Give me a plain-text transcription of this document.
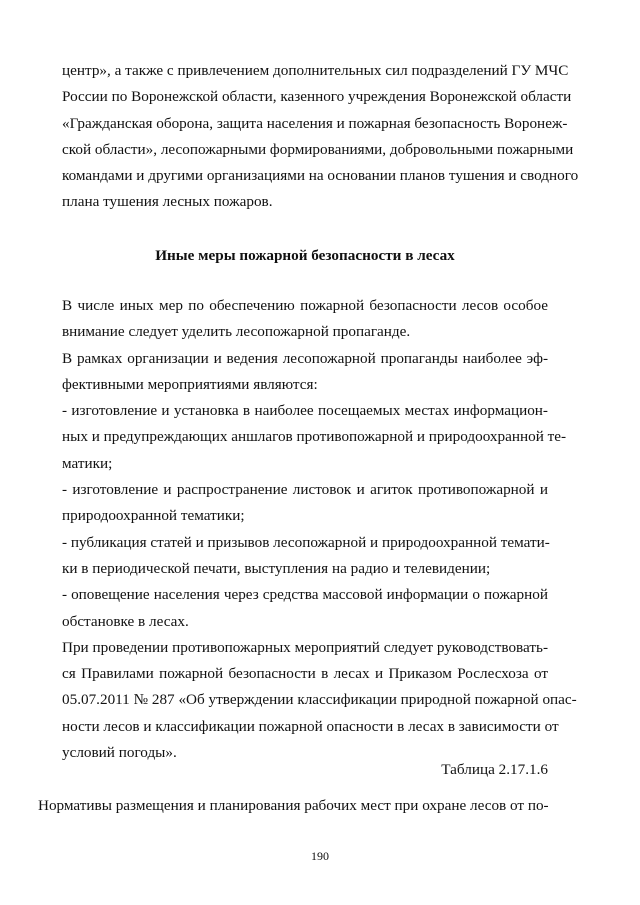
центр», а также с привлечением дополнительных сил подразделений ГУ МЧС
России по Воронежской области, казенного учреждения Воронежской области
«Гражданская оборона, защита населения и пожарная безопасность Воронеж-
ской области», лесопожарными формированиями, добровольными пожарными
командами и другими организациями на основании планов тушения и сводного
плана тушения лесных пожаров.
Иные меры пожарной безопасности в лесах
В числе иных мер по обеспечению пожарной безопасности лесов особое
внимание следует уделить лесопожарной пропаганде.
В рамках организации и ведения лесопожарной пропаганды наиболее эф-
фективными мероприятиями являются:
- изготовление и установка в наиболее посещаемых местах информацион-
ных и предупреждающих аншлагов противопожарной и природоохранной те-
матики;
- изготовление и распространение листовок и агиток противопожарной и
природоохранной тематики;
- публикация статей и призывов лесопожарной и природоохранной темати-
ки в периодической печати, выступления на радио и телевидении;
- оповещение населения через средства массовой информации о пожарной
обстановке в лесах.
При проведении противопожарных мероприятий следует руководствовать-
ся Правилами пожарной безопасности в лесах и Приказом Рослесхоза от
05.07.2011 № 287 «Об утверждении классификации природной пожарной опас-
ности лесов и классификации пожарной опасности в лесах в зависимости от
условий погоды».
Таблица 2.17.1.6
Нормативы размещения и планирования рабочих мест при охране лесов от по-
190
